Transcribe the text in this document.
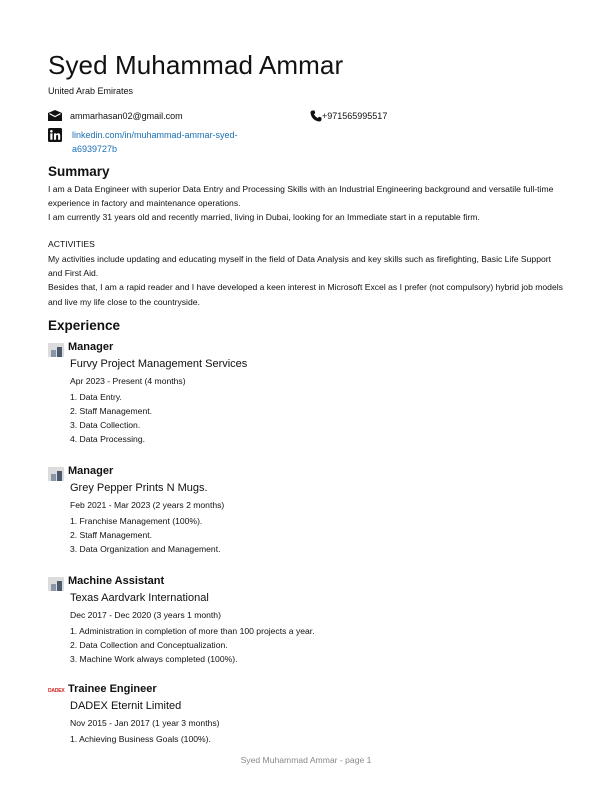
Syed Muhammad Ammar
United Arab Emirates
ammarhasan02@gmail.com	+971565995517
linkedin.com/in/muhammad-ammar-syed-a6939727b
Summary

I am a Data Engineer with superior Data Entry and Processing Skills with an Industrial Engineering background and versatile full-time experience in factory and maintenance operations.

I am currently 31 years old and recently married, living in Dubai, looking for an Immediate start in a reputable firm.

ACTIVITIES

My activities include updating and educating myself in the field of Data Analysis and key skills such as firefighting, Basic Life Support and First Aid.

Besides that, I am a rapid reader and I have developed a keen interest in Microsoft Excel as I prefer (not compulsory) hybrid job models and live my life close to the countryside.

Experience
Manager
Furvy Project Management Services
Apr 2023 - Present (4 months)
1. Data Entry.
2. Staff Management.
3. Data Collection.
4. Data Processing.
Manager
Grey Pepper Prints N Mugs.
Feb 2021 - Mar 2023 (2 years 2 months)
1. Franchise Management (100%).
2. Staff Management.
3. Data Organization and Management.
Machine Assistant
Texas Aardvark International
Dec 2017 - Dec 2020 (3 years 1 month)
1. Administration in completion of more than 100 projects a year.
2. Data Collection and Conceptualization.
3. Machine Work always completed (100%).
DADEX Trainee Engineer
DADEX Eternit Limited
Nov 2015 - Jan 2017 (1 year 3 months)
1. Achieving Business Goals (100%).
Syed Muhammad Ammar - page 1
